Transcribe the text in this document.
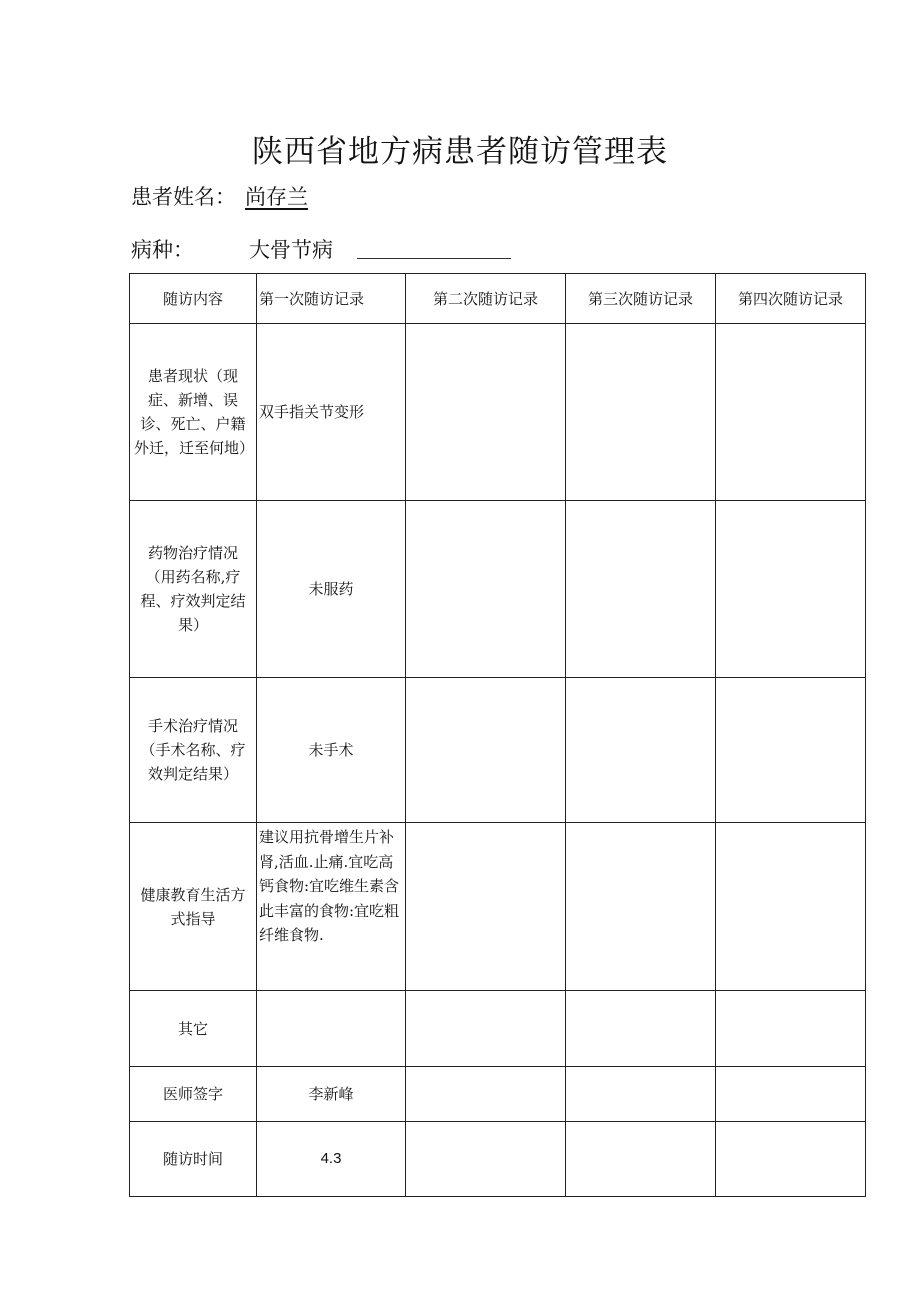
陕西省地方病患者随访管理表
患者姓名： 尚存兰
病种：	大骨节病
随访内容	第一次随访记录	第二次随访记录	第三次随访记录	第四次随访记录
患者现状（现症、新增、误诊、死亡、户籍外迁，迁至何地）	双手指关节变形			
药物治疗情况（用药名称,疗程、疗效判定结果）	未服药			
手术治疗情况（手术名称、疗效判定结果）	未手术			
健康教育生活方式指导	建议用抗骨增生片补肾,活血.止痛.宜吃高钙食物:宜吃维生素含此丰富的食物:宜吃粗纤维食物.			
其它				
医师签字	李新峰			
随访时间	4.3			
